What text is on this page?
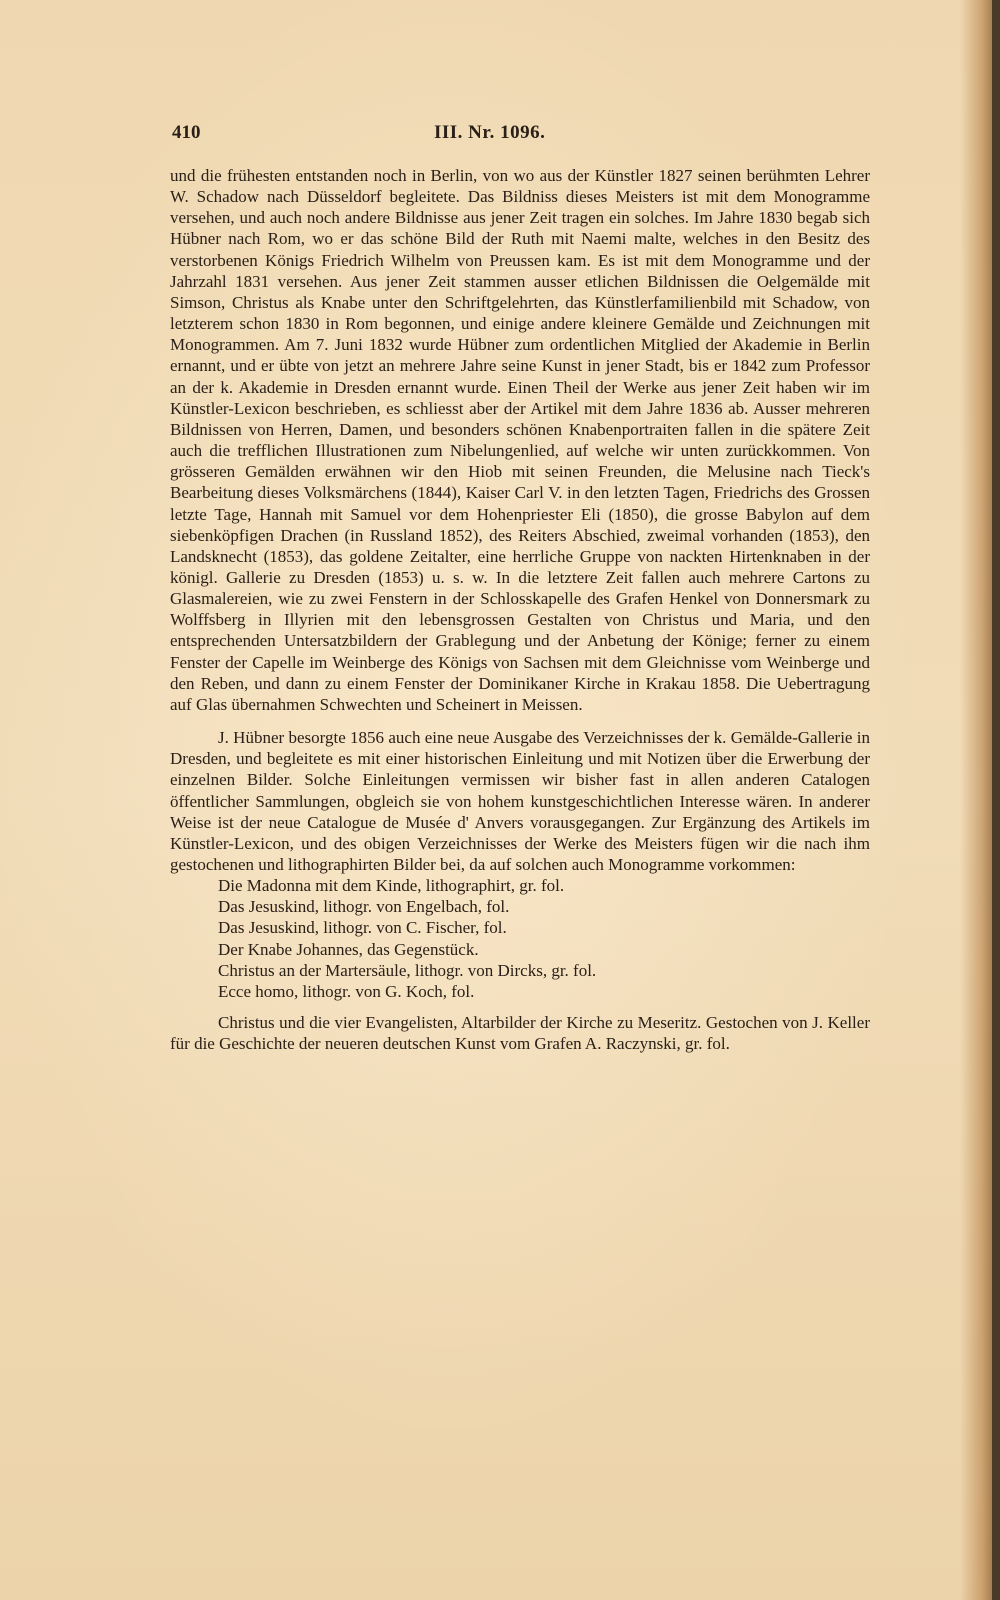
410	III. Nr. 1096.

und die frühesten entstanden noch in Berlin, von wo aus der Künstler 1827 seinen berühmten Lehrer W. Schadow nach Düsseldorf begleitete. Das Bildniss dieses Meisters ist mit dem Monogramme versehen, und auch noch andere Bildnisse aus jener Zeit tragen ein solches. Im Jahre 1830 begab sich Hübner nach Rom, wo er das schöne Bild der Ruth mit Naemi malte, welches in den Besitz des verstorbenen Königs Friedrich Wilhelm von Preussen kam. Es ist mit dem Monogramme und der Jahrzahl 1831 versehen. Aus jener Zeit stammen ausser etlichen Bildnissen die Oelgemälde mit Simson, Christus als Knabe unter den Schriftgelehrten, das Künstlerfamilienbild mit Schadow, von letzterem schon 1830 in Rom begonnen, und einige andere kleinere Gemälde und Zeichnungen mit Monogrammen. Am 7. Juni 1832 wurde Hübner zum ordentlichen Mitglied der Akademie in Berlin ernannt, und er übte von jetzt an mehrere Jahre seine Kunst in jener Stadt, bis er 1842 zum Professor an der k. Akademie in Dresden ernannt wurde. Einen Theil der Werke aus jener Zeit haben wir im Künstler-Lexicon beschrieben, es schliesst aber der Artikel mit dem Jahre 1836 ab. Ausser mehreren Bildnissen von Herren, Damen, und besonders schönen Knabenportraiten fallen in die spätere Zeit auch die trefflichen Illustrationen zum Nibelungenlied, auf welche wir unten zurückkommen. Von grösseren Gemälden erwähnen wir den Hiob mit seinen Freunden, die Melusine nach Tieck's Bearbeitung dieses Volksmärchens (1844), Kaiser Carl V. in den letzten Tagen, Friedrichs des Grossen letzte Tage, Hannah mit Samuel vor dem Hohenpriester Eli (1850), die grosse Babylon auf dem siebenköpfigen Drachen (in Russland 1852), des Reiters Abschied, zweimal vorhanden (1853), den Landsknecht (1853), das goldene Zeitalter, eine herrliche Gruppe von nackten Hirtenknaben in der königl. Gallerie zu Dresden (1853) u. s. w. In die letztere Zeit fallen auch mehrere Cartons zu Glasmalereien, wie zu zwei Fenstern in der Schlosskapelle des Grafen Henkel von Donnersmark zu Wolffsberg in Illyrien mit den lebensgrossen Gestalten von Christus und Maria, und den entsprechenden Untersatzbildern der Grablegung und der Anbetung der Könige; ferner zu einem Fenster der Capelle im Weinberge des Königs von Sachsen mit dem Gleichnisse vom Weinberge und den Reben, und dann zu einem Fenster der Dominikaner Kirche in Krakau 1858. Die Uebertragung auf Glas übernahmen Schwechten und Scheinert in Meissen.

J. Hübner besorgte 1856 auch eine neue Ausgabe des Verzeichnisses der k. Gemälde-Gallerie in Dresden, und begleitete es mit einer historischen Einleitung und mit Notizen über die Erwerbung der einzelnen Bilder. Solche Einleitungen vermissen wir bisher fast in allen anderen Catalogen öffentlicher Sammlungen, obgleich sie von hohem kunstgeschichtlichen Interesse wären. In anderer Weise ist der neue Catalogue de Musée d' Anvers vorausgegangen. Zur Ergänzung des Artikels im Künstler-Lexicon, und des obigen Verzeichnisses der Werke des Meisters fügen wir die nach ihm gestochenen und lithographirten Bilder bei, da auf solchen auch Monogramme vorkommen:

Die Madonna mit dem Kinde, lithographirt, gr. fol.
Das Jesuskind, lithogr. von Engelbach, fol.
Das Jesuskind, lithogr. von C. Fischer, fol.
Der Knabe Johannes, das Gegenstück.
Christus an der Martersäule, lithogr. von Dircks, gr. fol.
Ecce homo, lithogr. von G. Koch, fol.

Christus und die vier Evangelisten, Altarbilder der Kirche zu Meseritz. Gestochen von J. Keller für die Geschichte der neueren deutschen Kunst vom Grafen A. Raczynski, gr. fol.
